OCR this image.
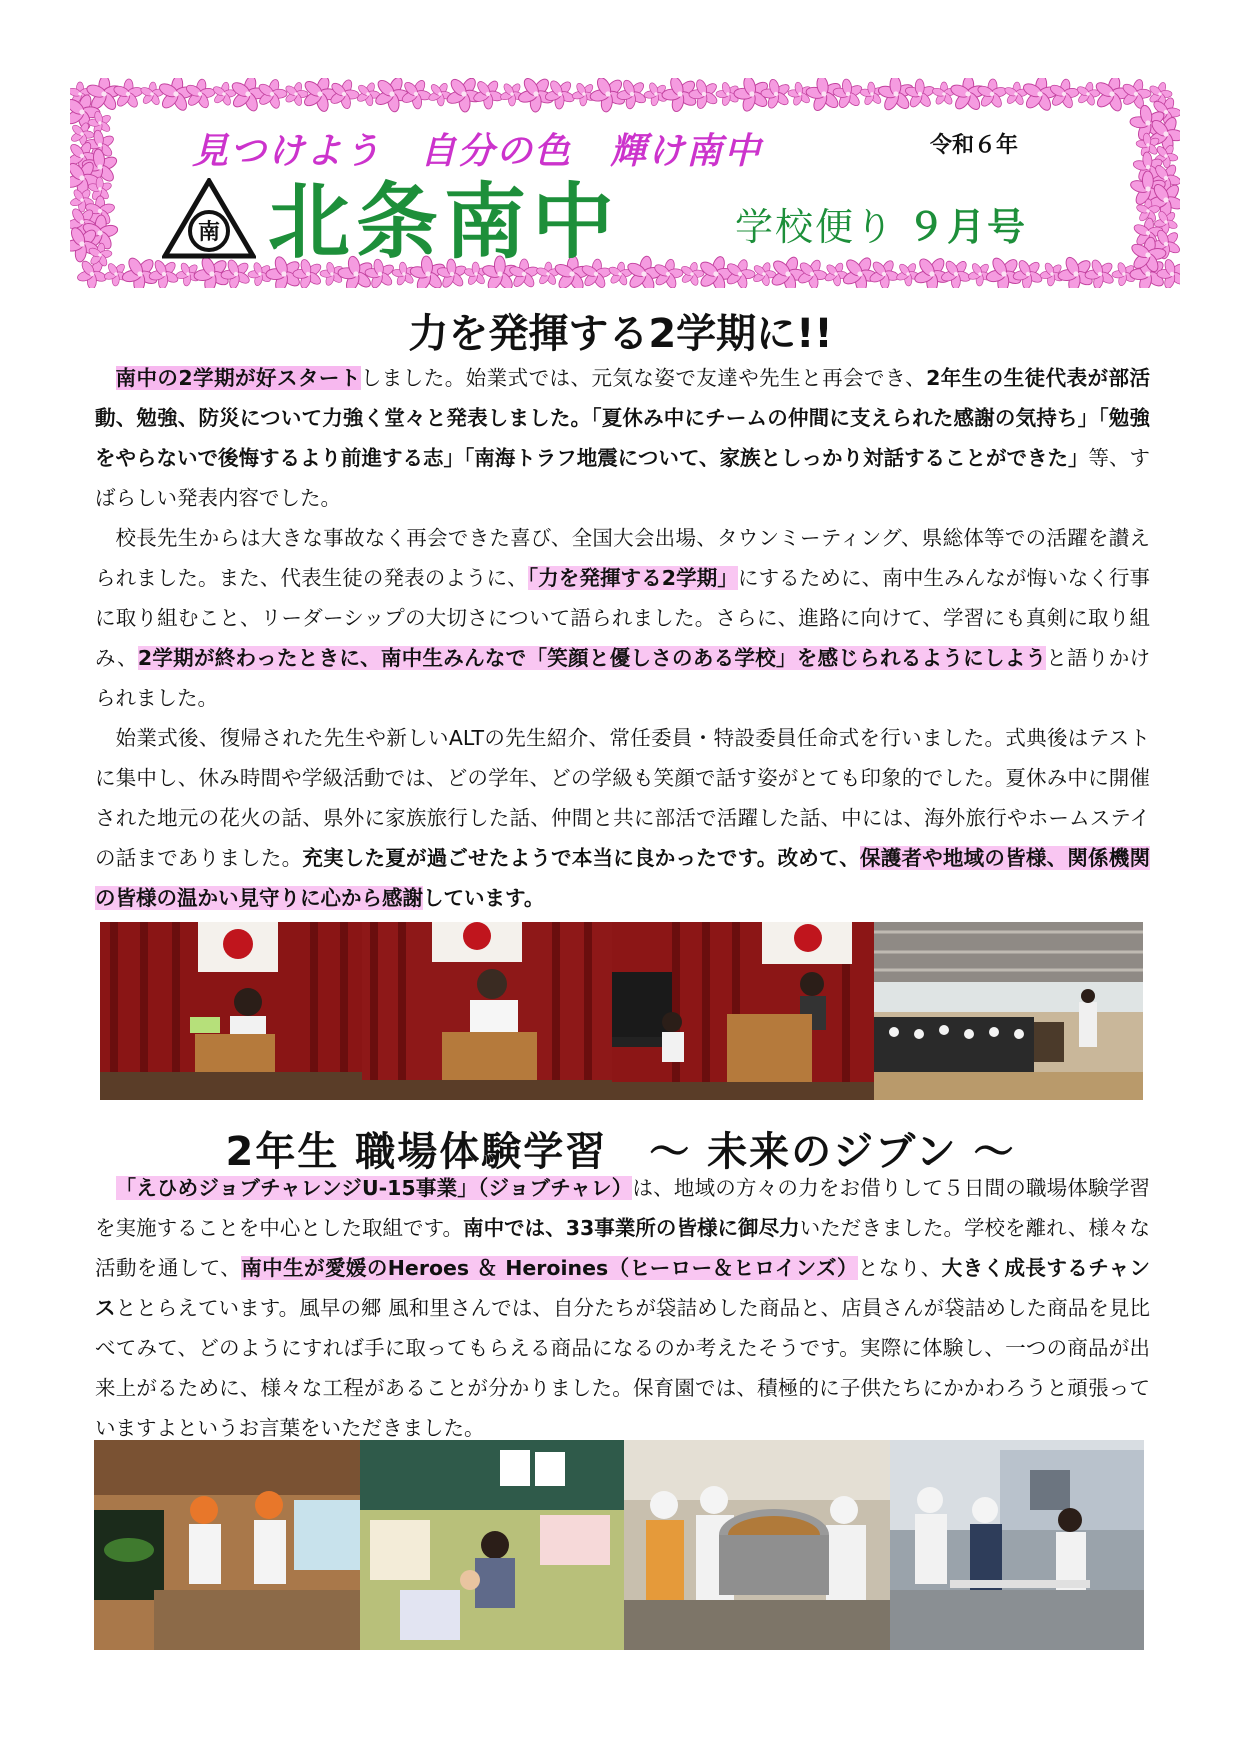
見つけよう　自分の色　輝け南中	令和６年
南 北条南中	学校便り ９月号
力を発揮する2学期に!!

南中の2学期が好スタートしました。始業式では、元気な姿で友達や先生と再会でき、2年生の生徒代表が部活動、勉強、防災について力強く堂々と発表しました。「夏休み中にチームの仲間に支えられた感謝の気持ち」「勉強をやらないで後悔するより前進する志」「南海トラフ地震について、家族としっかり対話することができた」等、すばらしい発表内容でした。

校長先生からは大きな事故なく再会できた喜び、全国大会出場、タウンミーティング、県総体等での活躍を讃えられました。また、代表生徒の発表のように、「力を発揮する2学期」にするために、南中生みんなが悔いなく行事に取り組むこと、リーダーシップの大切さについて語られました。さらに、進路に向けて、学習にも真剣に取り組み、2学期が終わったときに、南中生みんなで「笑顔と優しさのある学校」を感じられるようにしようと語りかけられました。

始業式後、復帰された先生や新しいALTの先生紹介、常任委員・特設委員任命式を行いました。式典後はテストに集中し、休み時間や学級活動では、どの学年、どの学級も笑顔で話す姿がとても印象的でした。夏休み中に開催された地元の花火の話、県外に家族旅行した話、仲間と共に部活で活躍した話、中には、海外旅行やホームステイの話までありました。充実した夏が過ごせたようで本当に良かったです。改めて、保護者や地域の皆様、関係機関の皆様の温かい見守りに心から感謝しています。

2年生 職場体験学習　～ 未来のジブン ～

「えひめジョブチャレンジU-15事業」（ジョブチャレ）は、地域の方々の力をお借りして５日間の職場体験学習を実施することを中心とした取組です。南中では、33事業所の皆様に御尽力いただきました。学校を離れ、様々な活動を通して、南中生が愛媛のHeroes ＆ Heroines（ヒーロー＆ヒロインズ）となり、大きく成長するチャンスととらえています。風早の郷 風和里さんでは、自分たちが袋詰めした商品と、店員さんが袋詰めした商品を見比べてみて、どのようにすれば手に取ってもらえる商品になるのか考えたそうです。実際に体験し、一つの商品が出来上がるために、様々な工程があることが分かりました。保育園では、積極的に子供たちにかかわろうと頑張っていますよというお言葉をいただきました。
